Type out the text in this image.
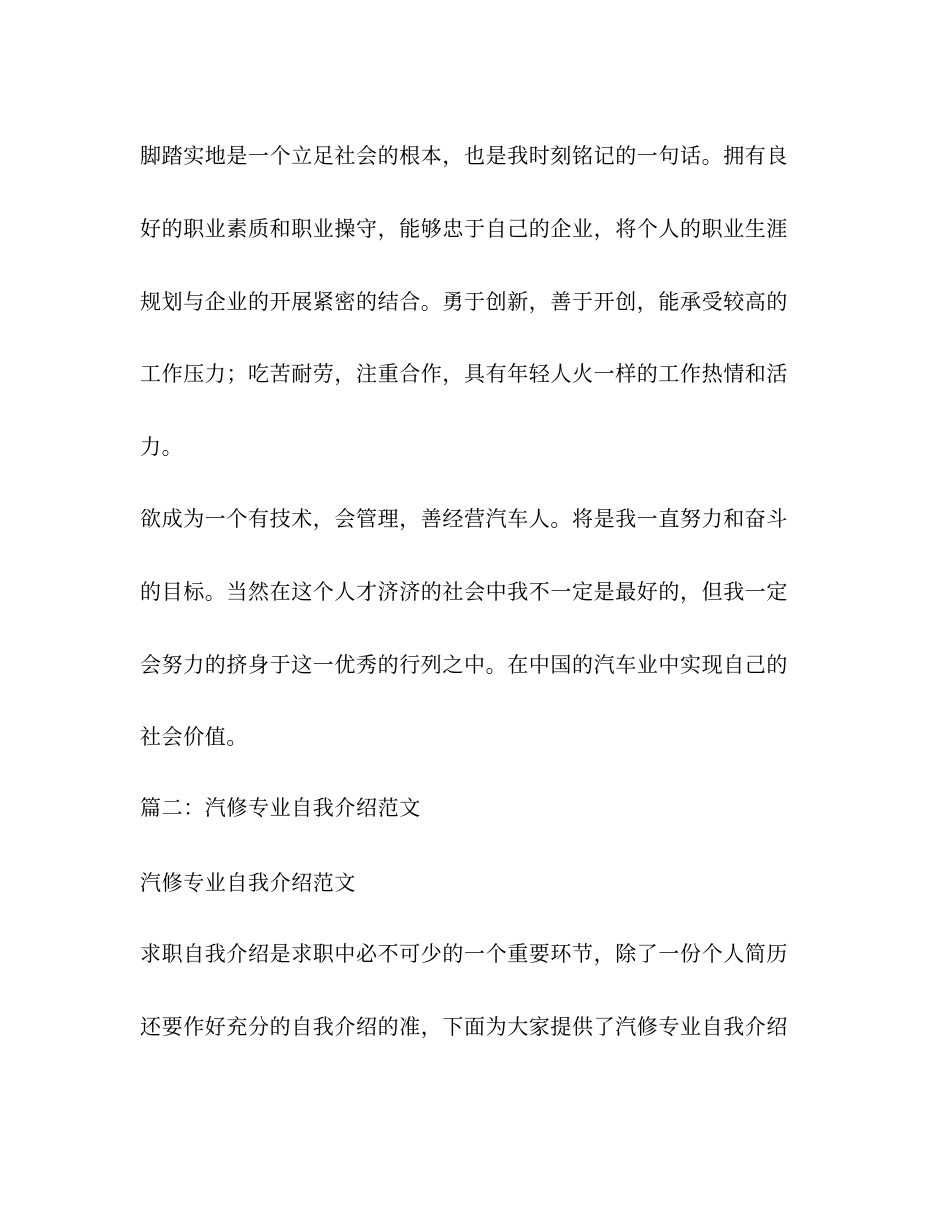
脚踏实地是一个立足社会的根本，也是我时刻铭记的一句话。拥有良
好的职业素质和职业操守，能够忠于自己的企业，将个人的职业生涯
规划与企业的开展紧密的结合。勇于创新，善于开创，能承受较高的
工作压力；吃苦耐劳，注重合作，具有年轻人火一样的工作热情和活
力。
欲成为一个有技术，会管理，善经营汽车人。将是我一直努力和奋斗
的目标。当然在这个人才济济的社会中我不一定是最好的，但我一定
会努力的挤身于这一优秀的行列之中。在中国的汽车业中实现自己的
社会价值。
篇二：汽修专业自我介绍范文
汽修专业自我介绍范文
求职自我介绍是求职中必不可少的一个重要环节，除了一份个人简历
还要作好充分的自我介绍的准，下面为大家提供了汽修专业自我介绍
